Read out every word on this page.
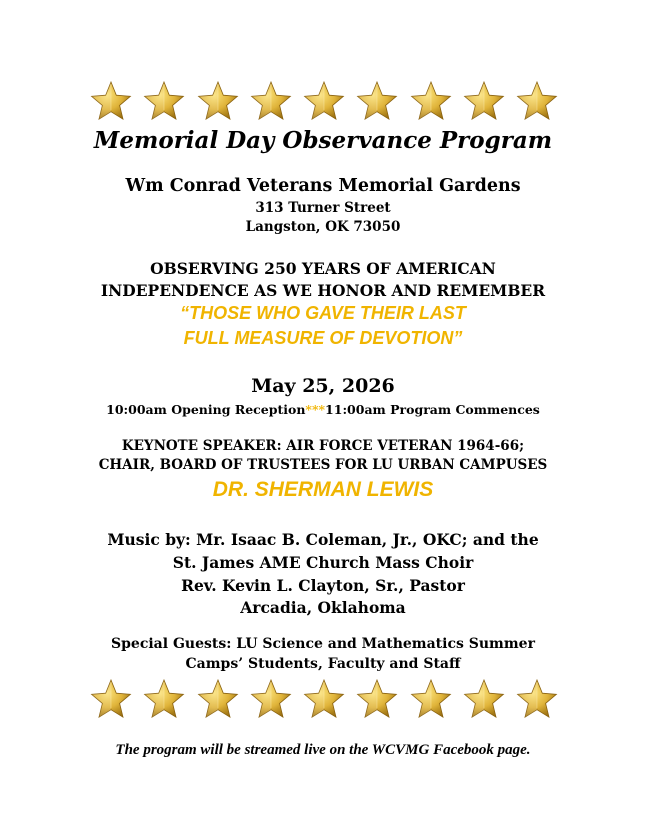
Memorial Day Observance Program
Wm Conrad Veterans Memorial Gardens
313 Turner Street
Langston, OK 73050
OBSERVING 250 YEARS OF AMERICAN
INDEPENDENCE AS WE HONOR AND REMEMBER
“THOSE WHO GAVE THEIR LAST
FULL MEASURE OF DEVOTION”
May 25, 2026
10:00am Opening Reception***11:00am Program Commences
KEYNOTE SPEAKER: AIR FORCE VETERAN 1964-66;
CHAIR, BOARD OF TRUSTEES FOR LU URBAN CAMPUSES
DR. SHERMAN LEWIS
Music by: Mr. Isaac B. Coleman, Jr., OKC; and the
St. James AME Church Mass Choir
Rev. Kevin L. Clayton, Sr., Pastor
Arcadia, Oklahoma
Special Guests: LU Science and Mathematics Summer
Camps’ Students, Faculty and Staff
The program will be streamed live on the WCVMG Facebook page.
